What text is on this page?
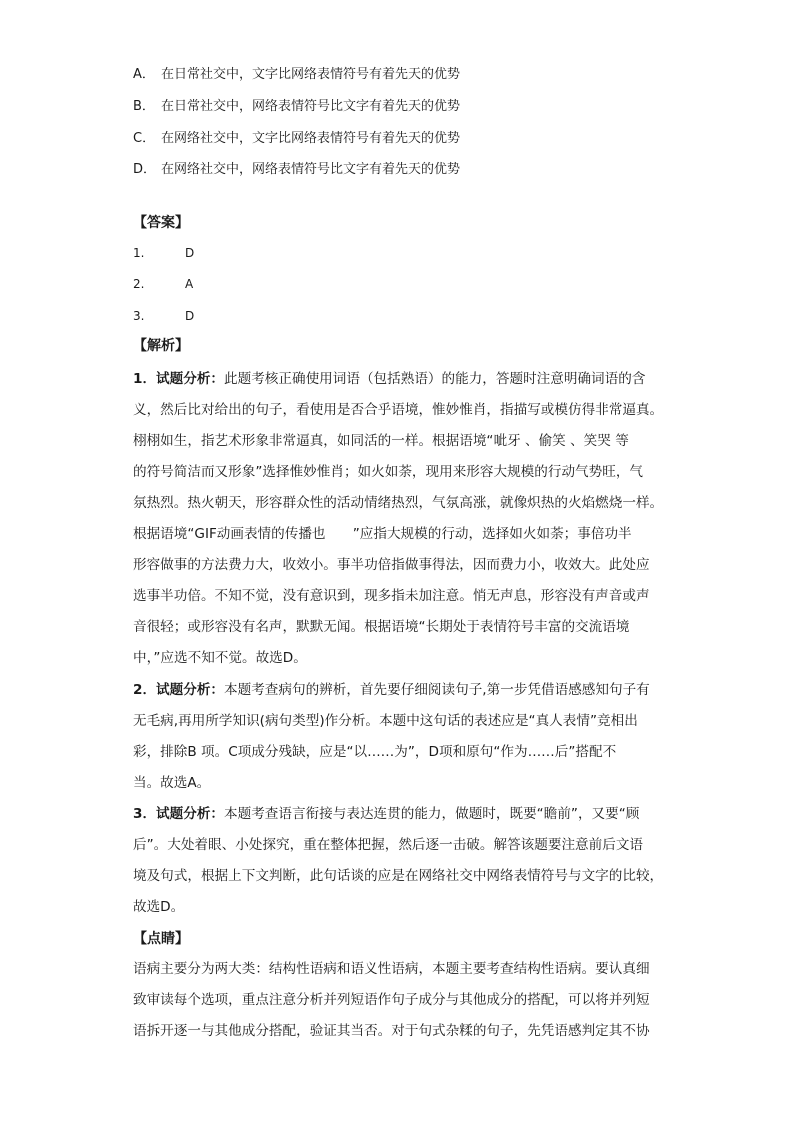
A． 在日常社交中，文字比网络表情符号有着先天的优势
B． 在日常社交中，网络表情符号比文字有着先天的优势
C． 在网络社交中，文字比网络表情符号有着先天的优势
D． 在网络社交中，网络表情符号比文字有着先天的优势
【答案】
1.	D
2.	A
3.	D
【解析】
1．试题分析：此题考核正确使用词语（包括熟语）的能力，答题时注意明确词语的含
义，然后比对给出的句子，看使用是否合乎语境，惟妙惟肖，指描写或模仿得非常逼真。
栩栩如生，指艺术形象非常逼真，如同活的一样。根据语境“呲牙 、偷笑 、笑哭 等
的符号简洁而又形象”选择惟妙惟肖；如火如荼，现用来形容大规模的行动气势旺，气
氛热烈。热火朝天，形容群众性的活动情绪热烈，气氛高涨，就像炽热的火焰燃烧一样。
根据语境“GIF动画表情的传播也　　”应指大规模的行动，选择如火如荼；事倍功半
形容做事的方法费力大，收效小。事半功倍指做事得法，因而费力小，收效大。此处应
选事半功倍。不知不觉，没有意识到，现多指未加注意。悄无声息，形容没有声音或声
音很轻；或形容没有名声，默默无闻。根据语境“长期处于表情符号丰富的交流语境
中，”应选不知不觉。故选D。
2．试题分析：本题考查病句的辨析，首先要仔细阅读句子,第一步凭借语感感知句子有
无毛病,再用所学知识(病句类型)作分析。本题中这句话的表述应是“真人表情”竞相出
彩，排除B 项。C项成分残缺，应是“以……为”，D项和原句“作为……后”搭配不
当。故选A。
3．试题分析：本题考查语言衔接与表达连贯的能力，做题时，既要“瞻前”，又要“顾
后”。大处着眼、小处探究，重在整体把握，然后逐一击破。解答该题要注意前后文语
境及句式，根据上下文判断，此句话谈的应是在网络社交中网络表情符号与文字的比较，
故选D。
【点睛】
语病主要分为两大类：结构性语病和语义性语病，本题主要考查结构性语病。要认真细
致审读每个选项，重点注意分析并列短语作句子成分与其他成分的搭配，可以将并列短
语拆开逐一与其他成分搭配，验证其当否。对于句式杂糅的句子，先凭语感判定其不协
